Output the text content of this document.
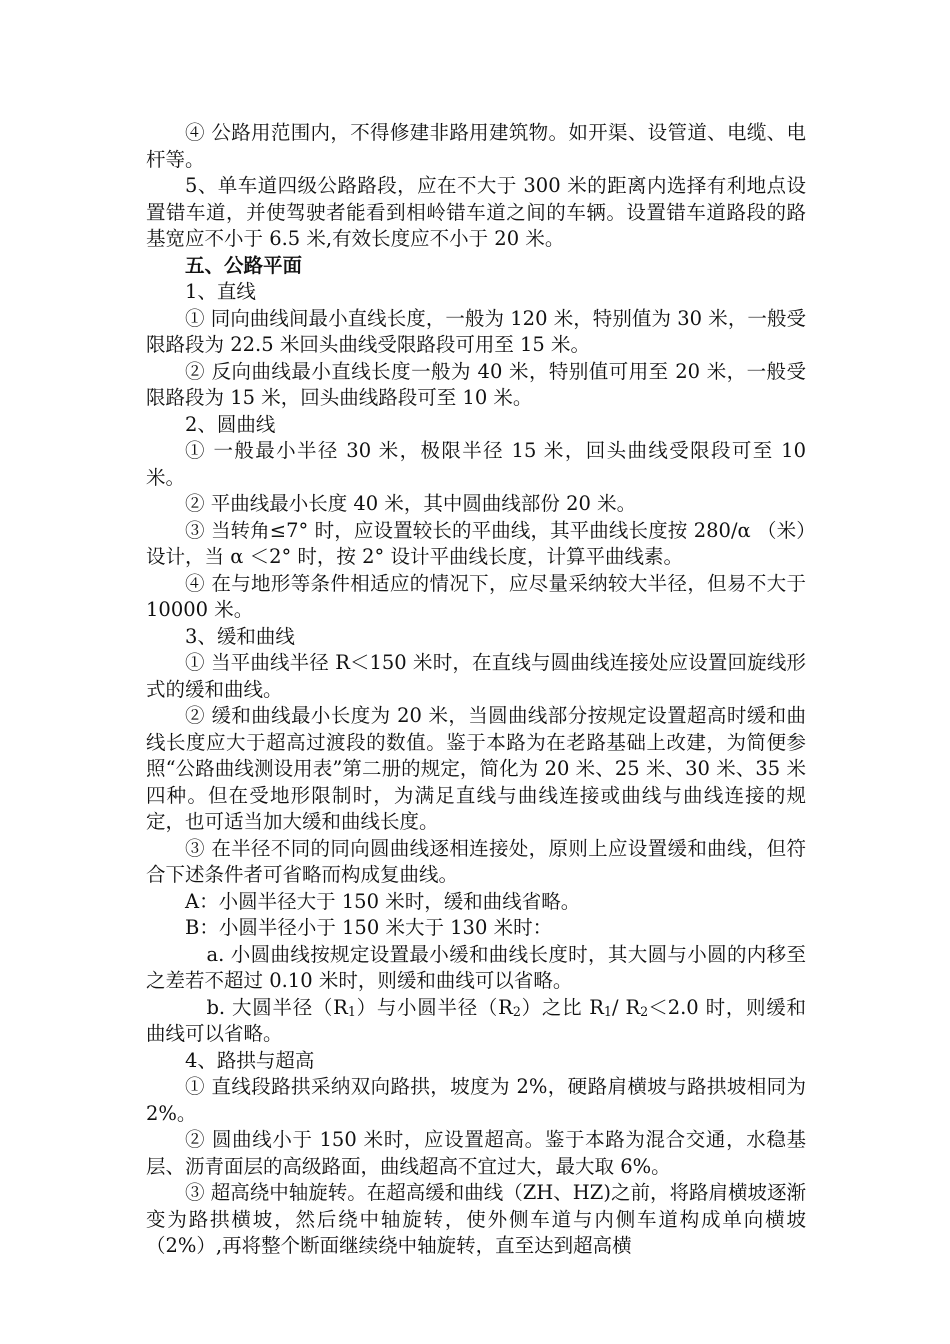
④ 公路用范围内，不得修建非路用建筑物。如开渠、设管道、电缆、电杆等。

5、单车道四级公路路段，应在不大于 300 米的距离内选择有利地点设置错车道，并使驾驶者能看到相岭错车道之间的车辆。设置错车道路段的路基宽应不小于 6.5 米,有效长度应不小于 20 米。

五、公路平面

1、直线

① 同向曲线间最小直线长度，一般为 120 米，特别值为 30 米，一般受限路段为 22.5 米回头曲线受限路段可用至 15 米。

② 反向曲线最小直线长度一般为 40 米，特别值可用至 20 米，一般受限路段为 15 米，回头曲线路段可至 10 米。

2、圆曲线

① 一般最小半径 30 米，极限半径 15 米，回头曲线受限段可至 10 米。

② 平曲线最小长度 40 米，其中圆曲线部份 20 米。

③ 当转角≤7° 时，应设置较长的平曲线，其平曲线长度按 280/α （米）设计，当 α ＜2° 时，按 2° 设计平曲线长度，计算平曲线素。

④ 在与地形等条件相适应的情况下，应尽量采纳较大半径，但易不大于 10000 米。

3、缓和曲线

① 当平曲线半径 R＜150 米时，在直线与圆曲线连接处应设置回旋线形式的缓和曲线。

② 缓和曲线最小长度为 20 米，当圆曲线部分按规定设置超高时缓和曲线长度应大于超高过渡段的数值。鉴于本路为在老路基础上改建，为简便参照“公路曲线测设用表”第二册的规定，简化为 20 米、25 米、30 米、35 米四种。但在受地形限制时，为满足直线与曲线连接或曲线与曲线连接的规定，也可适当加大缓和曲线长度。

③ 在半径不同的同向圆曲线逐相连接处，原则上应设置缓和曲线，但符合下述条件者可省略而构成复曲线。

A：小圆半径大于 150 米时，缓和曲线省略。

B：小圆半径小于 150 米大于 130 米时：

a. 小圆曲线按规定设置最小缓和曲线长度时，其大圆与小圆的内移至之差若不超过 0.10 米时，则缓和曲线可以省略。

b. 大圆半径$(R_1)$与小圆半径$(R_2)$之比 $R_1/$ $R_2<2.0$ 时，则缓和曲线可以省略。

4、路拱与超高

① 直线段路拱采纳双向路拱，坡度为 2%，硬路肩横坡与路拱坡相同为 2%。

② 圆曲线小于 150 米时，应设置超高。鉴于本路为混合交通，水稳基层、沥青面层的高级路面，曲线超高不宜过大，最大取 6%。

③ 超高绕中轴旋转。在超高缓和曲线（ZH、HZ)之前，将路肩横坡逐渐变为路拱横坡，然后绕中轴旋转，使外侧车道与内侧车道构成单向横坡（2%）,再将整个断面继续绕中轴旋转，直至达到超高横
